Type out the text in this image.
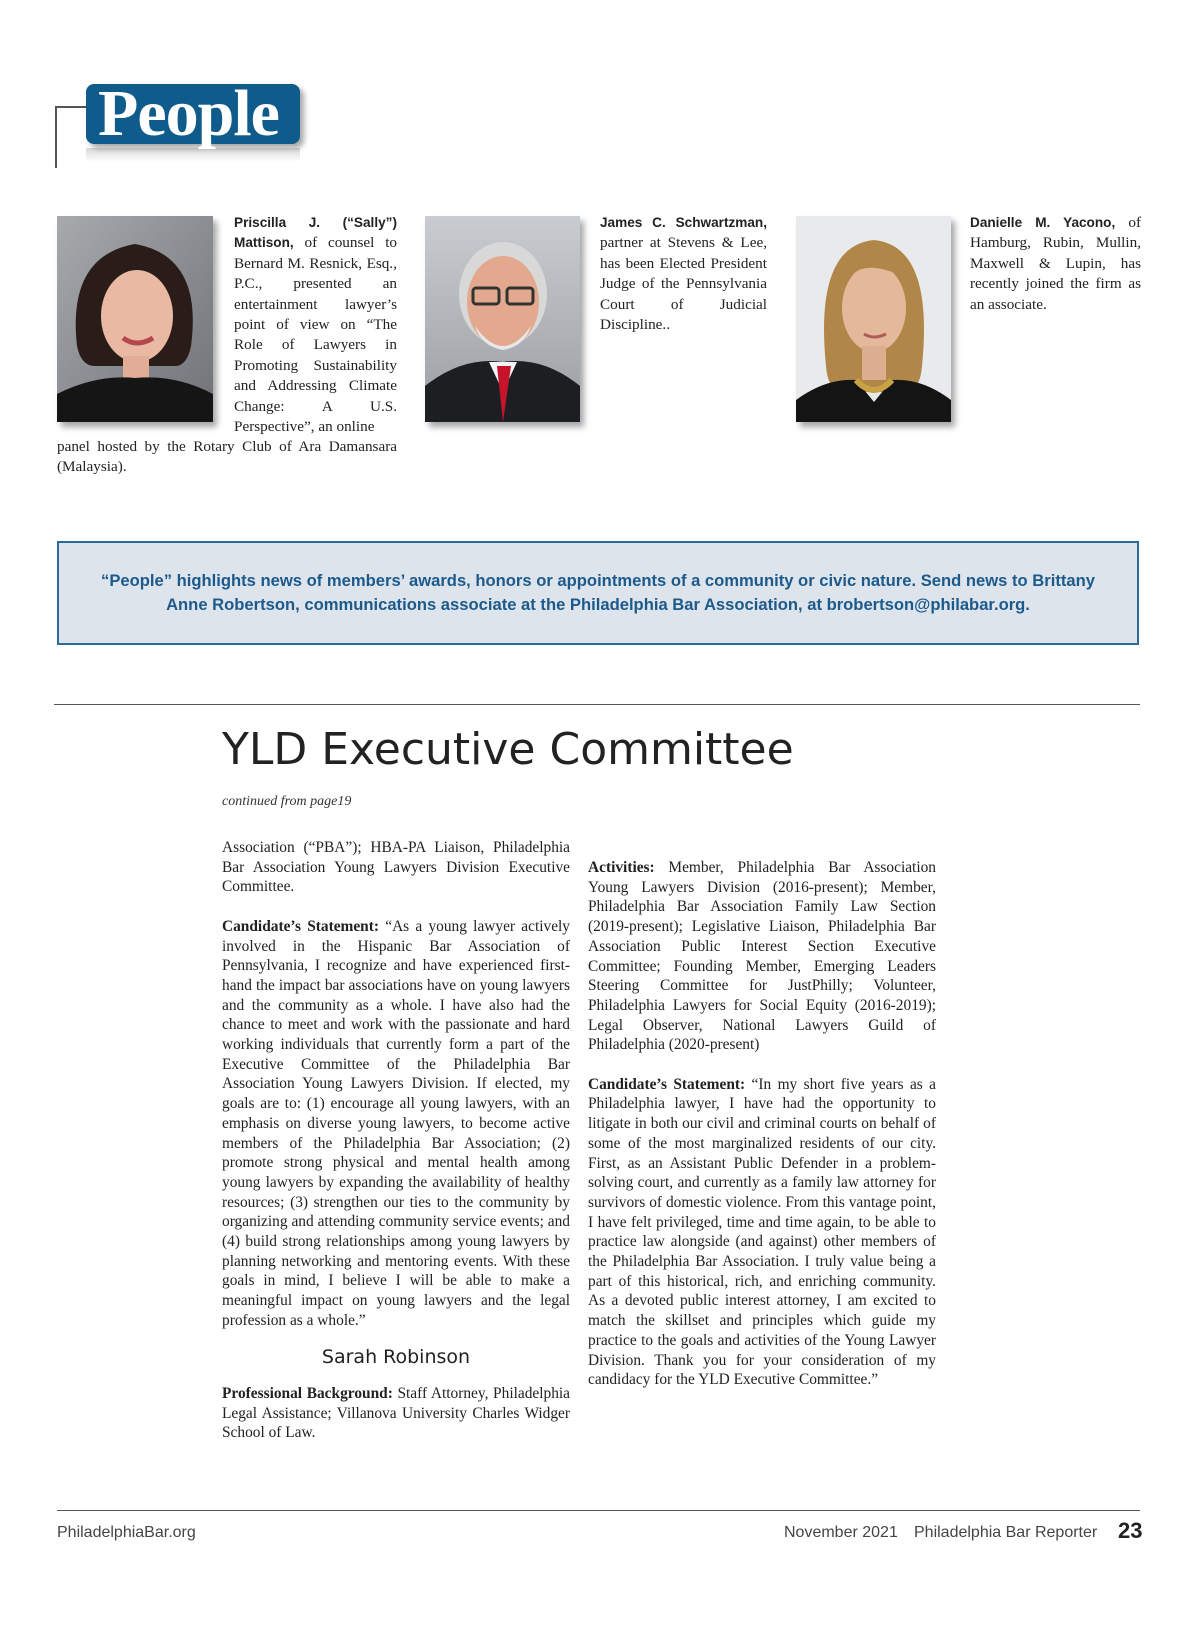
People
Priscilla J. (“Sally”) Mattison, of counsel to Bernard M. Resnick, Esq., P.C., presented an entertainment lawyer’s point of view on “The Role of Lawyers in Promoting Sustainability and Addressing Climate Change: A U.S. Perspective”, an online
panel hosted by the Rotary Club of Ara Damansara (Malaysia).
James C. Schwartzman, partner at Stevens & Lee, has been Elected President Judge of the Pennsylvania Court of Judicial Discipline..
Danielle M. Yacono, of Hamburg, Rubin, Mullin, Maxwell & Lupin, has recently joined the firm as an associate.

“People” highlights news of members’ awards, honors or appointments of a community or civic nature. Send news to Brittany Anne Robertson, communications associate at the Philadelphia Bar Association, at brobertson@philabar.org.

YLD Executive Committee
continued from page19

Association (“PBA”); HBA-PA Liaison, Philadelphia Bar Association Young Lawyers Division Executive Committee.

Candidate’s Statement: “As a young lawyer actively involved in the Hispanic Bar Association of Pennsylvania, I recognize and have experienced first-hand the impact bar associations have on young lawyers and the community as a whole. I have also had the chance to meet and work with the passionate and hard working individuals that currently form a part of the Executive Committee of the Philadelphia Bar Association Young Lawyers Division. If elected, my goals are to: (1) encourage all young lawyers, with an emphasis on diverse young lawyers, to become active members of the Philadelphia Bar Association; (2) promote strong physical and mental health among young lawyers by expanding the availability of healthy resources; (3) strengthen our ties to the community by organizing and attending community service events; and (4) build strong relationships among young lawyers by planning networking and mentoring events. With these goals in mind, I believe I will be able to make a meaningful impact on young lawyers and the legal profession as a whole.”

Sarah Robinson

Professional Background: Staff Attorney, Philadelphia Legal Assistance; Villanova University Charles Widger School of Law.

Activities: Member, Philadelphia Bar Association Young Lawyers Division (2016-present); Member, Philadelphia Bar Association Family Law Section (2019-present); Legislative Liaison, Philadelphia Bar Association Public Interest Section Executive Committee; Founding Member, Emerging Leaders Steering Committee for JustPhilly; Volunteer, Philadelphia Lawyers for Social Equity (2016-2019); Legal Observer, National Lawyers Guild of Philadelphia (2020-present)

Candidate’s Statement: “In my short five years as a Philadelphia lawyer, I have had the opportunity to litigate in both our civil and criminal courts on behalf of some of the most marginalized residents of our city. First, as an Assistant Public Defender in a problem-solving court, and currently as a family law attorney for survivors of domestic violence. From this vantage point, I have felt privileged, time and time again, to be able to practice law alongside (and against) other members of the Philadelphia Bar Association. I truly value being a part of this historical, rich, and enriching community. As a devoted public interest attorney, I am excited to match the skillset and principles which guide my practice to the goals and activities of the Young Lawyer Division. Thank you for your consideration of my candidacy for the YLD Executive Committee.”

PhiladelphiaBar.org	November 2021 Philadelphia Bar Reporter 23
